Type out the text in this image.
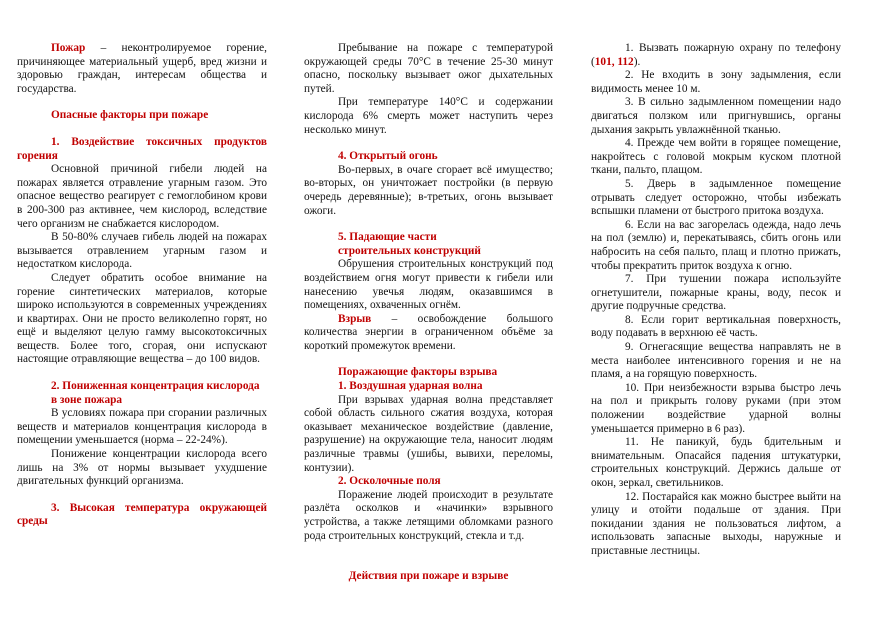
Пожар – неконтролируемое горение, причиняющее материальный ущерб, вред жизни и здоровью граждан, интересам общества и государства.

Опасные факторы при пожаре

1. Воздействие токсичных продуктов горения

Основной причиной гибели людей на пожарах является отравление угарным газом. Это опасное вещество реагирует с гемоглобином крови в 200-300 раз активнее, чем кислород, вследствие чего организм не снабжается кислородом.

В 50-80% случаев гибель людей на пожарах вызывается отравлением угарным газом и недостатком кислорода.

Следует обратить особое внимание на горение синтетических материалов, которые широко используются в современных учреждениях и квартирах. Они не просто великолепно горят, но ещё и выделяют целую гамму высокотоксичных веществ. Более того, сгорая, они испускают настоящие отравляющие вещества – до 100 видов.

2. Пониженная концентрация кислорода

в зоне пожара

В условиях пожара при сгорании различных веществ и материалов концентрация кислорода в помещении уменьшается (норма – 22-24%).

Понижение концентрации кислорода всего лишь на 3% от нормы вызывает ухудшение двигательных функций организма.

3. Высокая температура окружающей среды

Пребывание на пожаре с температурой окружающей среды 70°С в течение 25-30 минут опасно, поскольку вызывает ожог дыхательных путей.

При температуре 140°С и содержании кислорода 6% смерть может наступить через несколько минут.

4. Открытый огонь

Во-первых, в очаге сгорает всё имущество; во-вторых, он уничтожает постройки (в первую очередь деревянные); в-третьих, огонь вызывает ожоги.

5. Падающие части

строительных конструкций

Обрушения строительных конструкций под воздействием огня могут привести к гибели или нанесению увечья людям, оказавшимся в помещениях, охваченных огнём.

Взрыв – освобождение большого количества энергии в ограниченном объёме за короткий промежуток времени.

Поражающие факторы взрыва

1. Воздушная ударная волна

При взрывах ударная волна представляет собой область сильного сжатия воздуха, которая оказывает механическое воздействие (давление, разрушение) на окружающие тела, наносит людям различные травмы (ушибы, вывихи, переломы, контузии).

2. Осколочные поля

Поражение людей происходит в результате разлёта осколков и «начинки» взрывного устройства, а также летящими обломками разного рода строительных конструкций, стекла и т.д.

Действия при пожаре и взрыве

1. Вызвать пожарную охрану по телефону (101, 112).

2. Не входить в зону задымления, если видимость менее 10 м.

3. В сильно задымленном помещении надо двигаться ползком или пригнувшись, органы дыхания закрыть увлажнённой тканью.

4. Прежде чем войти в горящее помещение, накройтесь с головой мокрым куском плотной ткани, пальто, плащом.

5. Дверь в задымленное помещение отрывать следует осторожно, чтобы избежать вспышки пламени от быстрого притока воздуха.

6. Если на вас загорелась одежда, надо лечь на пол (землю) и, перекатываясь, сбить огонь или набросить на себя пальто, плащ и плотно прижать, чтобы прекратить приток воздуха к огню.

7. При тушении пожара используйте огнетушители, пожарные краны, воду, песок и другие подручные средства.

8. Если горит вертикальная поверхность, воду подавать в верхнюю её часть.

9. Огнегасящие вещества направлять не в места наиболее интенсивного горения и не на пламя, а на горящую поверхность.

10. При неизбежности взрыва быстро лечь на пол и прикрыть голову руками (при этом положении воздействие ударной волны уменьшается примерно в 6 раз).

11. Не паникуй, будь бдительным и внимательным. Опасайся падения штукатурки, строительных конструкций. Держись дальше от окон, зеркал, светильников.

12. Постарайся как можно быстрее выйти на улицу и отойти подальше от здания. При покидании здания не пользоваться лифтом, а использовать запасные выходы, наружные и приставные лестницы.
